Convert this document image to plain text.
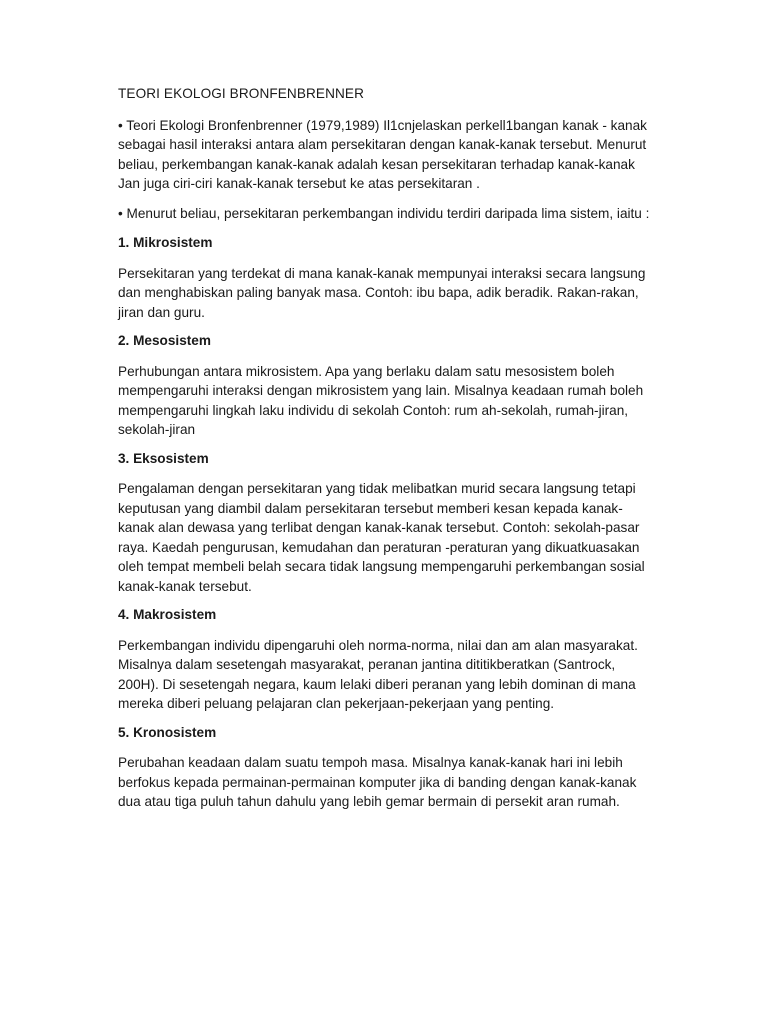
TEORI EKOLOGI BRONFENBRENNER

• Teori Ekologi Bronfenbrenner (1979,1989) Il1cnjelaskan perkell1bangan kanak - kanak sebagai hasil interaksi antara alam persekitaran dengan kanak-kanak tersebut. Menurut beliau, perkembangan kanak-kanak adalah kesan persekitaran terhadap kanak-kanak Jan juga ciri-ciri kanak-kanak tersebut ke atas persekitaran .

• Menurut beliau, persekitaran perkembangan individu terdiri daripada lima sistem, iaitu :

1. Mikrosistem

Persekitaran yang terdekat di mana kanak-kanak mempunyai interaksi secara langsung dan menghabiskan paling banyak masa. Contoh: ibu bapa, adik beradik. Rakan-rakan, jiran dan guru.

2. Mesosistem

Perhubungan antara mikrosistem. Apa yang berlaku dalam satu mesosistem boleh mempengaruhi interaksi dengan mikrosistem yang lain. Misalnya keadaan rumah boleh mempengaruhi lingkah laku individu di sekolah Contoh: rum ah-sekolah, rumah-jiran, sekolah-jiran

3. Eksosistem

Pengalaman dengan persekitaran yang tidak melibatkan murid secara langsung tetapi keputusan yang diambil dalam persekitaran tersebut memberi kesan kepada kanak-kanak alan dewasa yang terlibat dengan kanak-kanak tersebut. Contoh: sekolah-pasar raya. Kaedah pengurusan, kemudahan dan peraturan -peraturan yang dikuatkuasakan oleh tempat membeli belah secara tidak langsung mempengaruhi perkembangan sosial kanak-kanak tersebut.

4. Makrosistem

Perkembangan individu dipengaruhi oleh norma-norma, nilai dan am alan masyarakat. Misalnya dalam sesetengah masyarakat, peranan jantina dititikberatkan (Santrock, 200H). Di sesetengah negara, kaum lelaki diberi peranan yang lebih dominan di mana mereka diberi peluang pelajaran clan pekerjaan-pekerjaan yang penting.

5. Kronosistem

Perubahan keadaan dalam suatu tempoh masa. Misalnya kanak-kanak hari ini lebih berfokus kepada permainan-permainan komputer jika di banding dengan kanak-kanak dua atau tiga puluh tahun dahulu yang lebih gemar bermain di persekit aran rumah.
